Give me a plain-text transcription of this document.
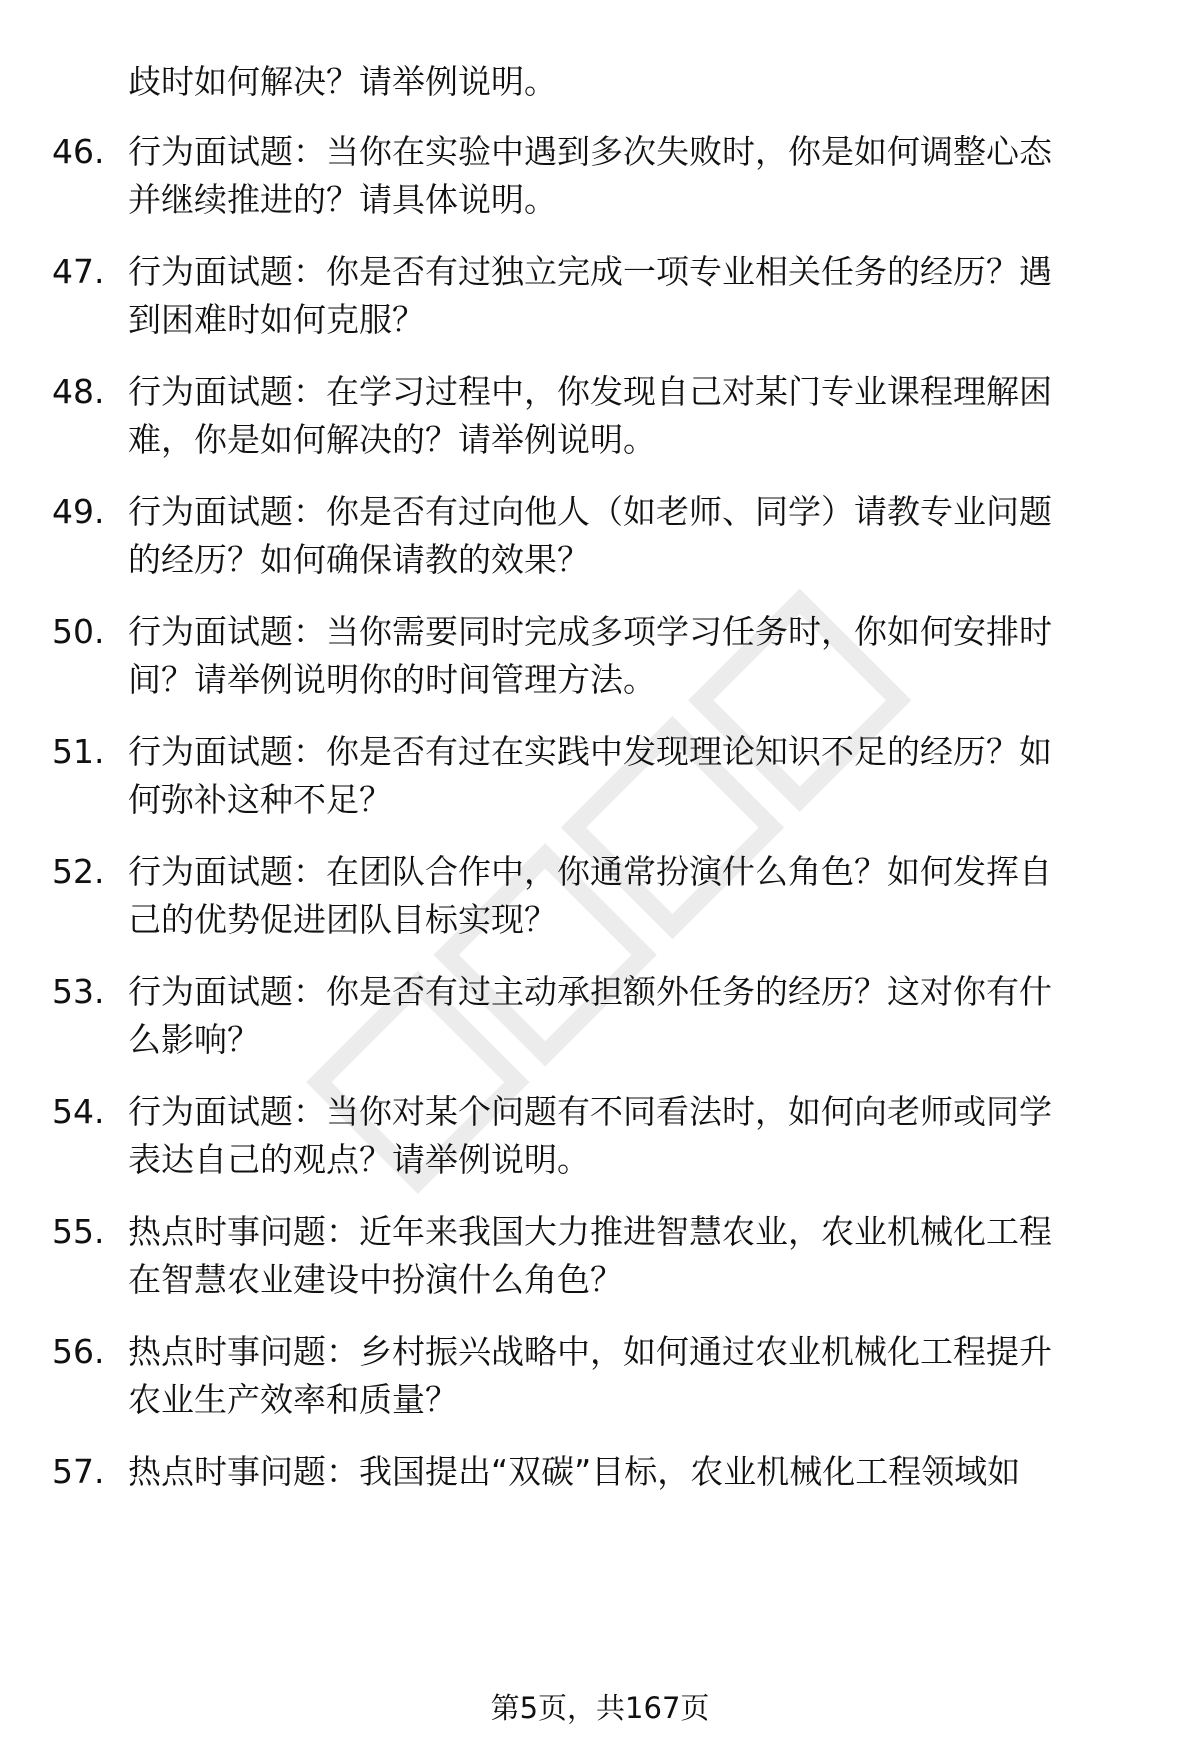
歧时如何解决？请举例说明。
46. 行为面试题：当你在实验中遇到多次失败时，你是如何调整心态
并继续推进的？请具体说明。
47. 行为面试题：你是否有过独立完成一项专业相关任务的经历？遇
到困难时如何克服？
48. 行为面试题：在学习过程中，你发现自己对某门专业课程理解困
难，你是如何解决的？请举例说明。
49. 行为面试题：你是否有过向他人（如老师、同学）请教专业问题
的经历？如何确保请教的效果？
50. 行为面试题：当你需要同时完成多项学习任务时，你如何安排时
间？请举例说明你的时间管理方法。
51. 行为面试题：你是否有过在实践中发现理论知识不足的经历？如
何弥补这种不足？
52. 行为面试题：在团队合作中，你通常扮演什么角色？如何发挥自
己的优势促进团队目标实现？
53. 行为面试题：你是否有过主动承担额外任务的经历？这对你有什
么影响？
54. 行为面试题：当你对某个问题有不同看法时，如何向老师或同学
表达自己的观点？请举例说明。
55. 热点时事问题：近年来我国大力推进智慧农业，农业机械化工程
在智慧农业建设中扮演什么角色？
56. 热点时事问题：乡村振兴战略中，如何通过农业机械化工程提升
农业生产效率和质量？
57. 热点时事问题：我国提出“双碳”目标，农业机械化工程领域如
第5页，共167页
